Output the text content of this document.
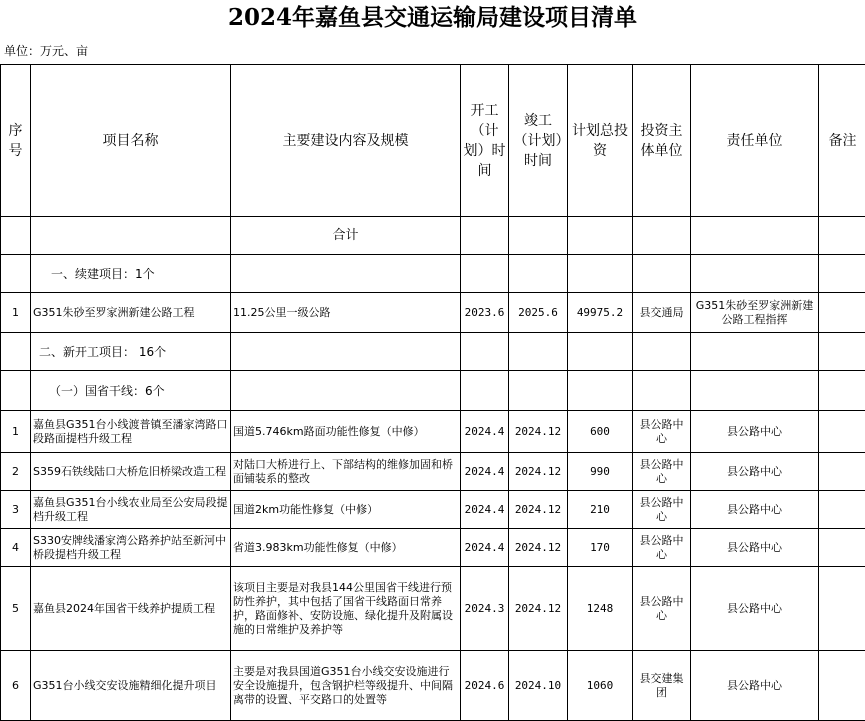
2024年嘉鱼县交通运输局建设项目清单
单位：万元、亩
序号	项目名称	主要建设内容及规模	开工（计划）时间	竣工（计划）时间	计划总投资	投资主体单位	责任单位	备注
		合计						
	一、续建项目：1个							
1	G351朱砂至罗家洲新建公路工程	11.25公里一级公路	2023.6	2025.6	49975.2	县交通局	G351朱砂至罗家洲新建公路工程指挥	
	二、新开工项目： 16个							
	（一）国省干线：6个							
1	嘉鱼县G351台小线渡普镇至潘家湾路口段路面提档升级工程	国道5.746km路面功能性修复（中修）	2024.4	2024.12	600	县公路中心	县公路中心	
2	S359石铁线陆口大桥危旧桥梁改造工程	对陆口大桥进行上、下部结构的维修加固和桥面铺装系的整改	2024.4	2024.12	990	县公路中心	县公路中心	
3	嘉鱼县G351台小线农业局至公安局段提档升级工程	国道2km功能性修复（中修）	2024.4	2024.12	210	县公路中心	县公路中心	
4	S330安牌线潘家湾公路养护站至新河中桥段提档升级工程	省道3.983km功能性修复（中修）	2024.4	2024.12	170	县公路中心	县公路中心	
5	嘉鱼县2024年国省干线养护提质工程	该项目主要是对我县144公里国省干线进行预防性养护，其中包括了国省干线路面日常养护，路面修补、安防设施、绿化提升及附属设施的日常维护及养护等	2024.3	2024.12	1248	县公路中心	县公路中心	
6	G351台小线交安设施精细化提升项目	主要是对我县国道G351台小线交安设施进行安全设施提升，包含钢护栏等级提升、中间隔离带的设置、平交路口的处置等	2024.6	2024.10	1060	县交建集团	县公路中心	
